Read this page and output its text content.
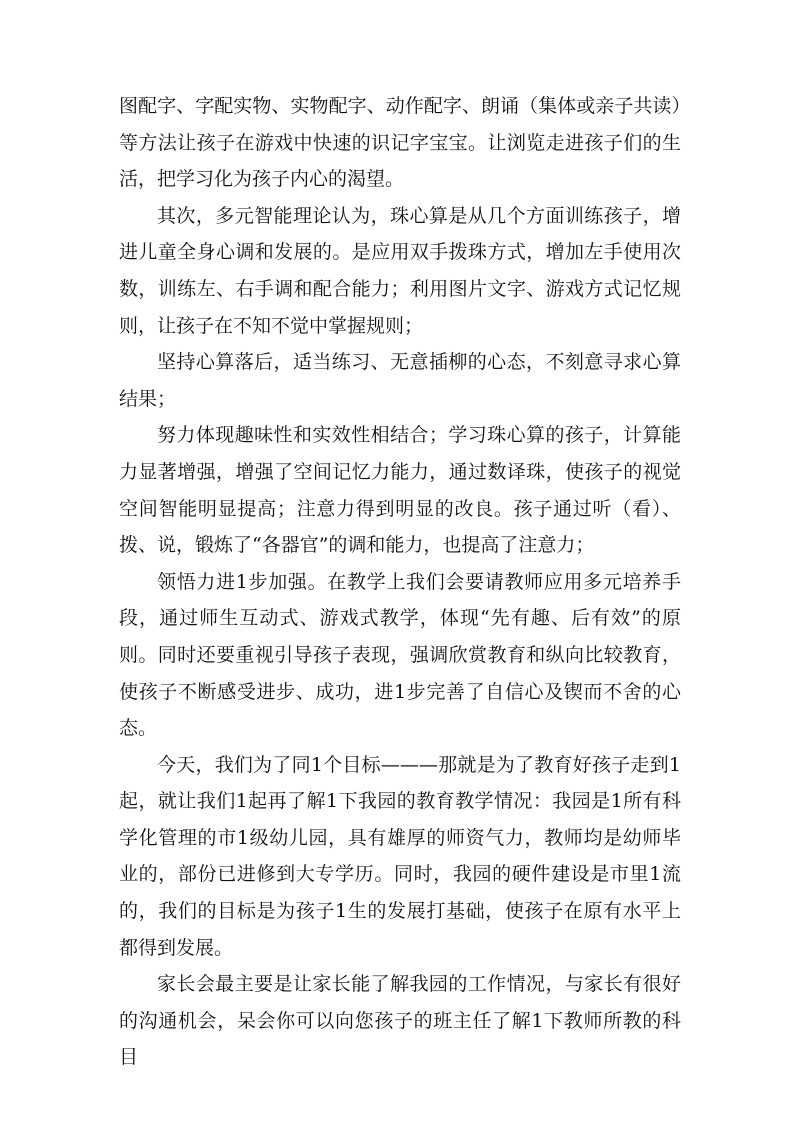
图配字、字配实物、实物配字、动作配字、朗诵（集体或亲子共读）等方法让孩子在游戏中快速的识记字宝宝。让浏览走进孩子们的生活，把学习化为孩子内心的渴望。

其次，多元智能理论认为，珠心算是从几个方面训练孩子，增进儿童全身心调和发展的。是应用双手拨珠方式，增加左手使用次数，训练左、右手调和配合能力；利用图片文字、游戏方式记忆规则，让孩子在不知不觉中掌握规则；

坚持心算落后，适当练习、无意插柳的心态，不刻意寻求心算结果；

努力体现趣味性和实效性相结合；学习珠心算的孩子，计算能力显著增强，增强了空间记忆力能力，通过数译珠，使孩子的视觉空间智能明显提高；注意力得到明显的改良。孩子通过听（看）、拨、说，锻炼了“各器官”的调和能力，也提高了注意力；

领悟力进1步加强。在教学上我们会要请教师应用多元培养手段，通过师生互动式、游戏式教学，体现“先有趣、后有效”的原则。同时还要重视引导孩子表现，强调欣赏教育和纵向比较教育，使孩子不断感受进步、成功，进1步完善了自信心及锲而不舍的心态。

今天，我们为了同1个目标———那就是为了教育好孩子走到1起，就让我们1起再了解1下我园的教育教学情况：我园是1所有科学化管理的市1级幼儿园，具有雄厚的师资气力，教师均是幼师毕业的，部份已进修到大专学历。同时，我园的硬件建设是市里1流的，我们的目标是为孩子1生的发展打基础，使孩子在原有水平上都得到发展。

家长会最主要是让家长能了解我园的工作情况，与家长有很好的沟通机会，呆会你可以向您孩子的班主任了解1下教师所教的科目
